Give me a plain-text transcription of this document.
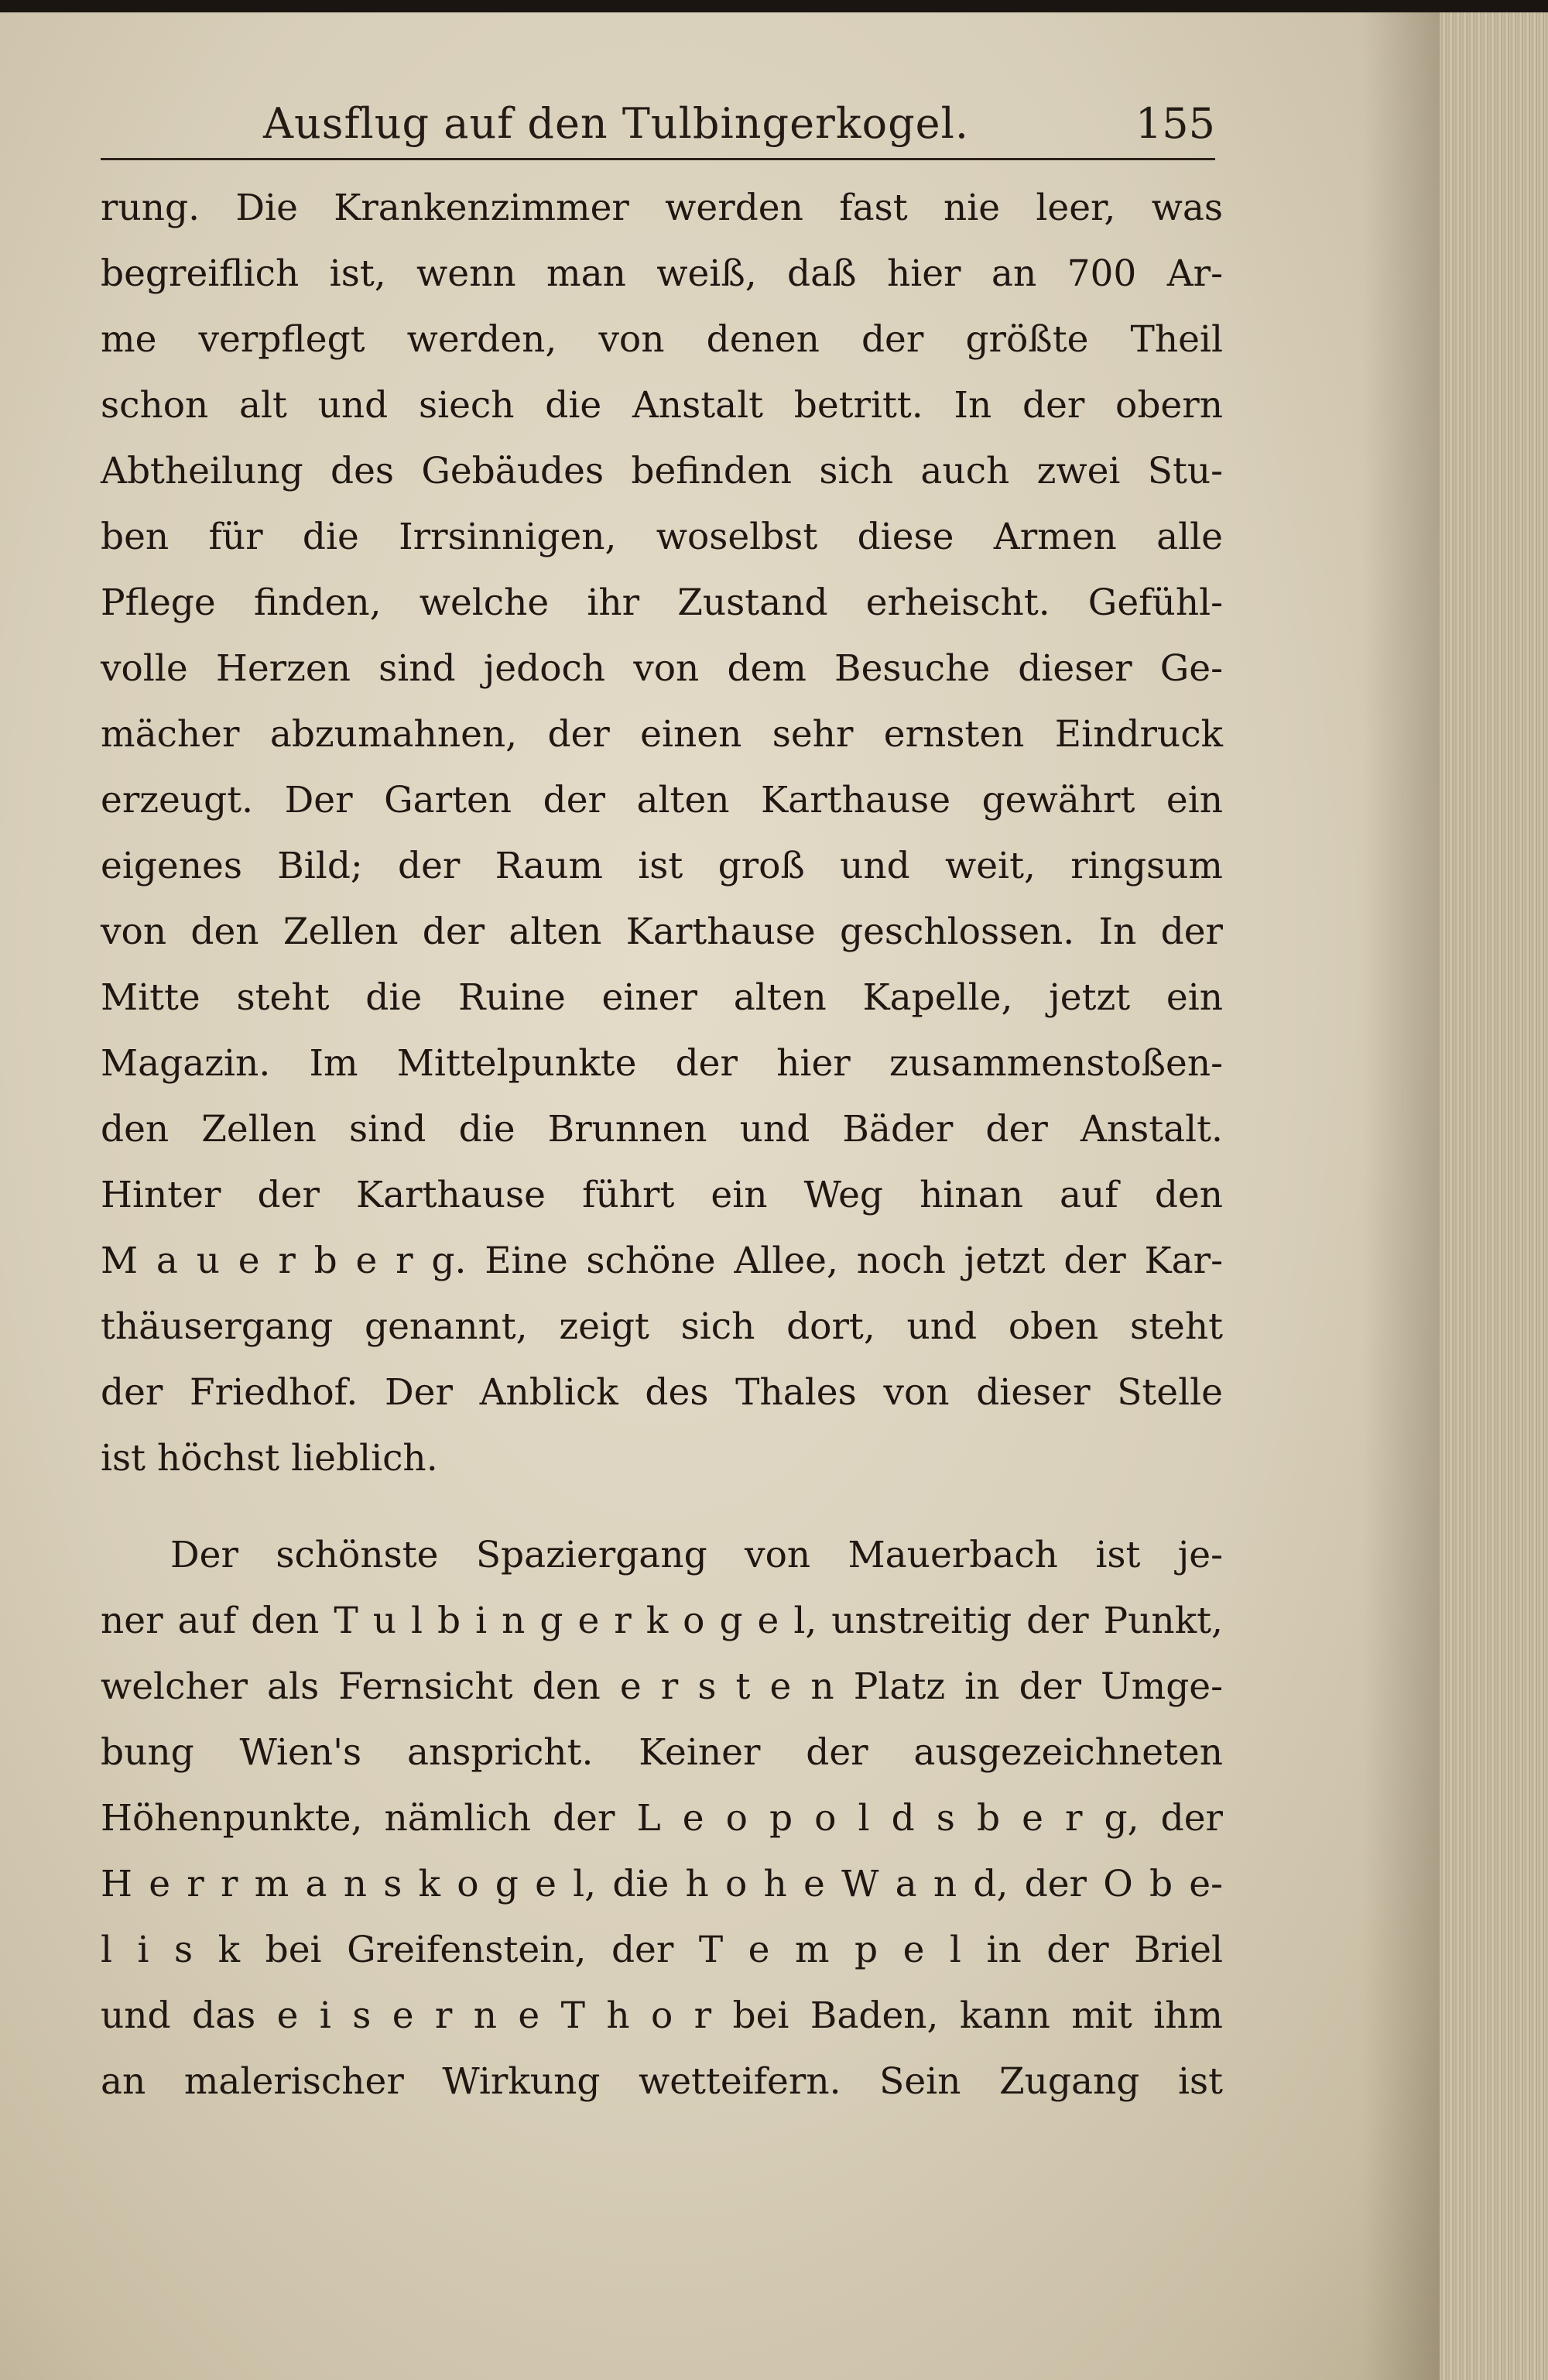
Ausflug auf den Tulbingerkogel.	155
rung. Die Krankenzimmer werden fast nie leer, was
begreiflich ist, wenn man weiß, daß hier an 700 Ar-
me verpflegt werden, von denen der größte Theil
schon alt und siech die Anstalt betritt. In der obern
Abtheilung des Gebäudes befinden sich auch zwei Stu-
ben für die Irrsinnigen, woselbst diese Armen alle
Pflege finden, welche ihr Zustand erheischt. Gefühl-
volle Herzen sind jedoch von dem Besuche dieser Ge-
mächer abzumahnen, der einen sehr ernsten Eindruck
erzeugt. Der Garten der alten Karthause gewährt ein
eigenes Bild; der Raum ist groß und weit, ringsum
von den Zellen der alten Karthause geschlossen. In der
Mitte steht die Ruine einer alten Kapelle, jetzt ein
Magazin. Im Mittelpunkte der hier zusammenstoßen-
den Zellen sind die Brunnen und Bäder der Anstalt.
Hinter der Karthause führt ein Weg hinan auf den
M a u e r b e r g. Eine schöne Allee, noch jetzt der Kar-
thäusergang genannt, zeigt sich dort, und oben steht
der Friedhof. Der Anblick des Thales von dieser Stelle
ist höchst lieblich.
Der schönste Spaziergang von Mauerbach ist je-
ner auf den T u l b i n g e r k o g e l, unstreitig der Punkt,
welcher als Fernsicht den e r s t e n Platz in der Umge-
bung Wien's anspricht. Keiner der ausgezeichneten
Höhenpunkte, nämlich der L e o p o l d s b e r g, der
H e r r m a n s k o g e l, die h o h e W a n d, der O b e-
l i s k bei Greifenstein, der T e m p e l in der Briel
und das e i s e r n e T h o r bei Baden, kann mit ihm
an malerischer Wirkung wetteifern. Sein Zugang ist
